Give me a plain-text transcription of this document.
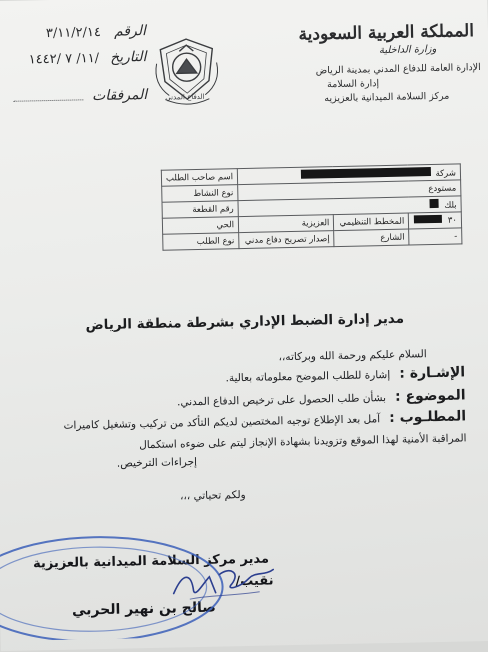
المملكة العربية السعودية
وزارة الداخلية
الإدارة العامة للدفاع المدني بمدينة الرياض
إدارة السلامة
مركز السلامة الميدانية بالعزيزيه
الدفاع المدني
الرقم ٣/١١/٢/١٤
التاريخ /١١/ ٧ /١٤٤٢
المرفقات
اسم صاحب الطلب	شركة		
نوع النشاط	مستودع		
رقم القطعة	بلك		
الحي	العزيزية	المخطط التنظيمي	٣٠
نوع الطلب	إصدار تصريح دفاع مدني	الشارع	-
مدير إدارة الضبط الإداري بشرطة منطقة الرياض
السلام عليكم ورحمة الله وبركاته،،
الإشـارة : إشارة للطلب الموضح معلوماته بعالية.
الموضوع : بشأن طلب الحصول على ترخيص الدفاع المدني.
المطلـوب : آمل بعد الإطلاع توجيه المختصين لديكم التأكد من تركيب وتشغيل كاميرات
المراقبة الأمنية لهذا الموقع وتزويدنا بشهادة الإنجاز ليتم على ضوءه استكمال
إجراءات الترخيص.
ولكم تحياتي ،،،
مدير مركز السلامة الميدانية بالعزيزية
نقيب/
صالح بن نهير الحربي
